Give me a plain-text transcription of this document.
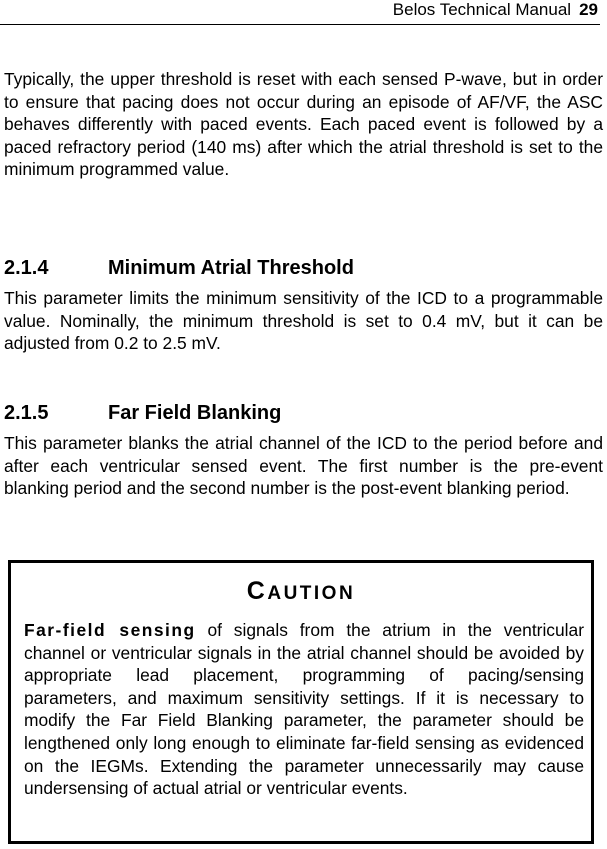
Belos Technical Manual 29

Typically, the upper threshold is reset with each sensed P-wave, but in order to ensure that pacing does not occur during an episode of AF/VF, the ASC behaves differently with paced events. Each paced event is followed by a paced refractory period (140 ms) after which the atrial threshold is set to the minimum programmed value.

2.1.4	Minimum Atrial Threshold

This parameter limits the minimum sensitivity of the ICD to a programmable value. Nominally, the minimum threshold is set to 0.4 mV, but it can be adjusted from 0.2 to 2.5 mV.

2.1.5	Far Field Blanking

This parameter blanks the atrial channel of the ICD to the period before and after each ventricular sensed event. The first number is the pre-event blanking period and the second number is the post-event blanking period.

CAUTION

Far-field sensing of signals from the atrium in the ventricular channel or ventricular signals in the atrial channel should be avoided by appropriate lead placement, programming of pacing/sensing parameters, and maximum sensitivity settings. If it is necessary to modify the Far Field Blanking parameter, the parameter should be lengthened only long enough to eliminate far-field sensing as evidenced on the IEGMs. Extending the parameter unnecessarily may cause undersensing of actual atrial or ventricular events.
